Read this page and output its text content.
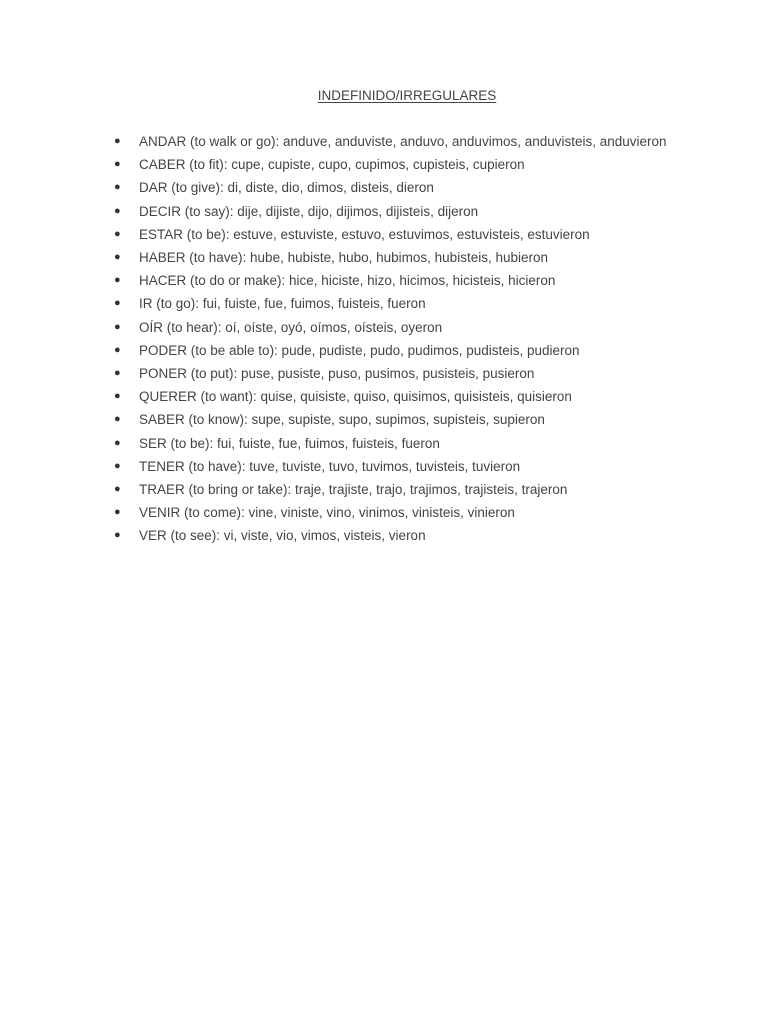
INDEFINIDO/IRREGULARES
● ANDAR (to walk or go): anduve, anduviste, anduvo, anduvimos, anduvisteis, anduvieron
● CABER (to fit): cupe, cupiste, cupo, cupimos, cupisteis, cupieron
● DAR (to give): di, diste, dio, dimos, disteis, dieron
● DECIR (to say): dije, dijiste, dijo, dijimos, dijisteis, dijeron
● ESTAR (to be): estuve, estuviste, estuvo, estuvimos, estuvisteis, estuvieron
● HABER (to have): hube, hubiste, hubo, hubimos, hubisteis, hubieron
● HACER (to do or make): hice, hiciste, hizo, hicimos, hicisteis, hicieron
● IR (to go): fui, fuiste, fue, fuimos, fuisteis, fueron
● OÍR (to hear): oí, oíste, oyó, oímos, oísteis, oyeron
● PODER (to be able to): pude, pudiste, pudo, pudimos, pudisteis, pudieron
● PONER (to put): puse, pusiste, puso, pusimos, pusisteis, pusieron
● QUERER (to want): quise, quisiste, quiso, quisimos, quisisteis, quisieron
● SABER (to know): supe, supiste, supo, supimos, supisteis, supieron
● SER (to be): fui, fuiste, fue, fuimos, fuisteis, fueron
● TENER (to have): tuve, tuviste, tuvo, tuvimos, tuvisteis, tuvieron
● TRAER (to bring or take): traje, trajiste, trajo, trajimos, trajisteis, trajeron
● VENIR (to come): vine, viniste, vino, vinimos, vinisteis, vinieron
● VER (to see): vi, viste, vio, vimos, visteis, vieron
